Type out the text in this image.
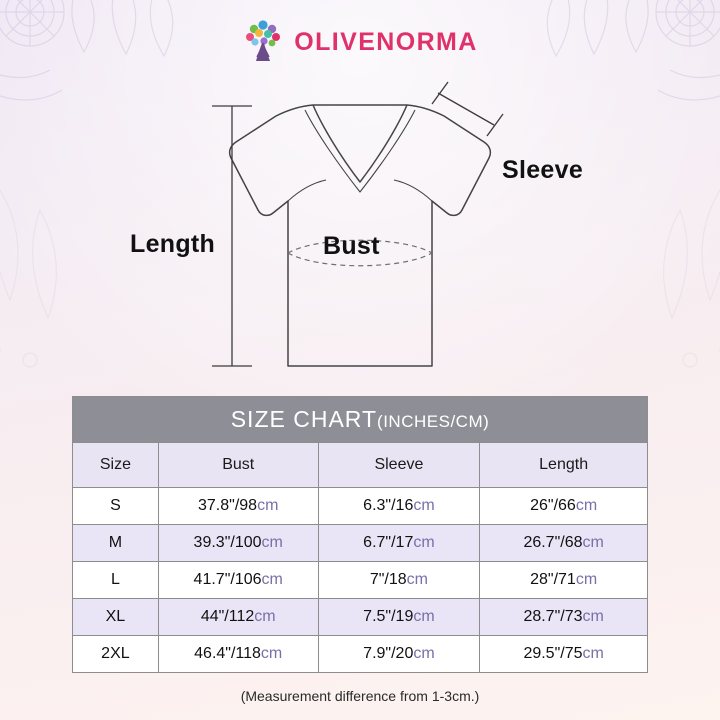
OLIVENORMA
Sleeve
Length	Bust
SIZE CHART(INCHES/CM)			
Size	Bust	Sleeve	Length
S	37.8"/98cm	6.3"/16cm	26"/66cm
M	39.3"/100cm	6.7"/17cm	26.7"/68cm
L	41.7"/106cm	7"/18cm	28"/71cm
XL	44"/112cm	7.5"/19cm	28.7"/73cm
2XL	46.4"/118cm	7.9"/20cm	29.5"/75cm
(Measurement difference from 1-3cm.)
